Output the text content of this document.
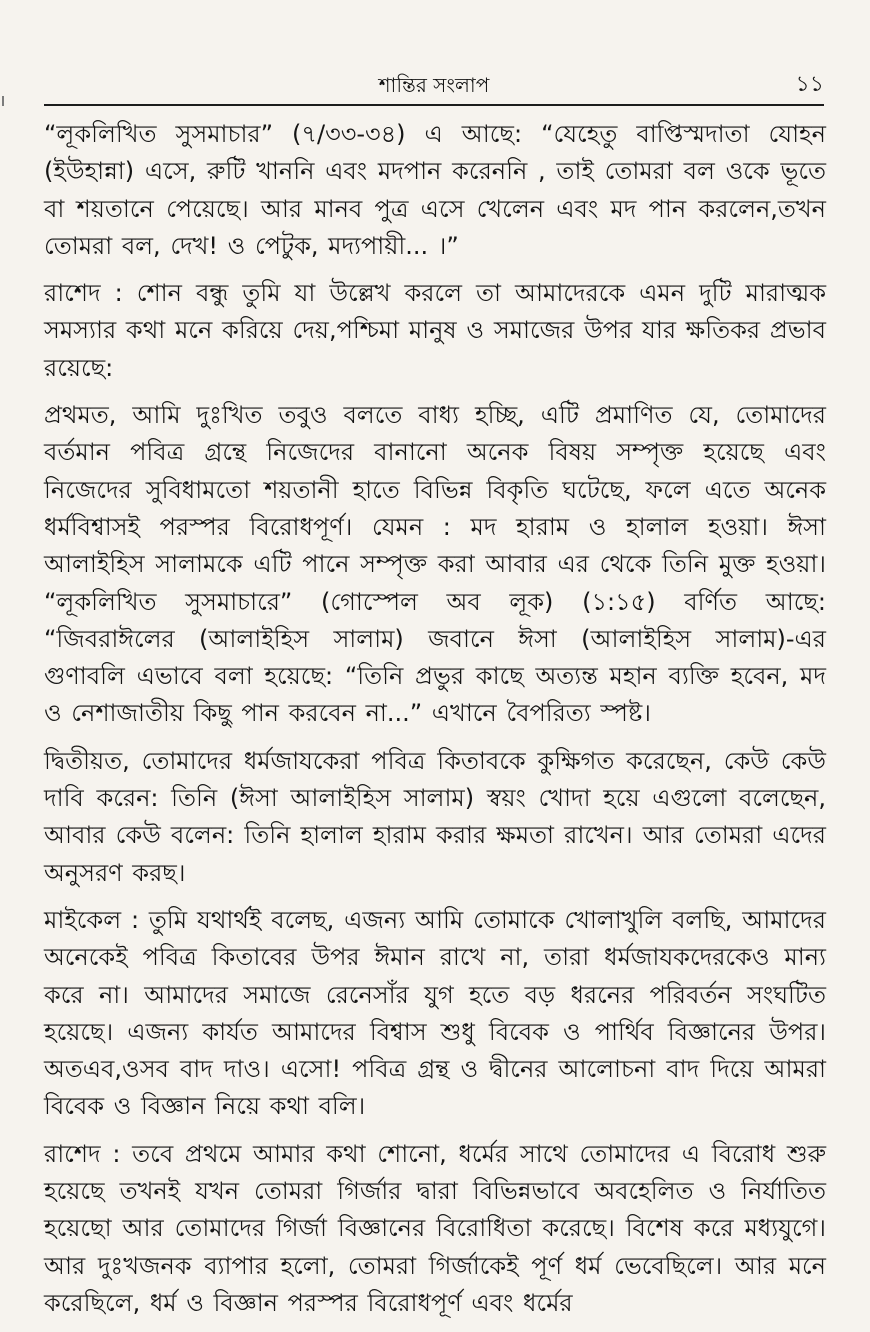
শান্তির সংলাপ	১১

“লূকলিখিত সুসমাচার” (৭/৩৩-৩৪) এ আছে: “যেহেতু বাপ্তিস্মদাতা যোহন (ইউহান্না) এসে, রুটি খাননি এবং মদপান করেননি , তাই তোমরা বল ওকে ভূতে বা শয়তানে পেয়েছে। আর মানব পুত্র এসে খেলেন এবং মদ পান করলেন,তখন তোমরা বল, দেখ! ও পেটুক, মদ্যপায়ী... ।”

রাশেদ : শোন বন্ধু তুমি যা উল্লেখ করলে তা আমাদেরকে এমন দুটি মারাত্মক সমস্যার কথা মনে করিয়ে দেয়,পশ্চিমা মানুষ ও সমাজের উপর যার ক্ষতিকর প্রভাব রয়েছে:

প্রথমত, আমি দুঃখিত তবুও বলতে বাধ্য হচ্ছি, এটি প্রমাণিত যে, তোমাদের বর্তমান পবিত্র গ্রন্থে নিজেদের বানানো অনেক বিষয় সম্পৃক্ত হয়েছে এবং নিজেদের সুবিধামতো শয়তানী হাতে বিভিন্ন বিকৃতি ঘটেছে, ফলে এতে অনেক ধর্মবিশ্বাসই পরস্পর বিরোধপূর্ণ। যেমন : মদ হারাম ও হালাল হওয়া। ঈসা আলাইহিস সালামকে এটি পানে সম্পৃক্ত করা আবার এর থেকে তিনি মুক্ত হওয়া। “লূকলিখিত সুসমাচারে” (গোস্পেল অব লূক) (১:১৫) বর্ণিত আছে: “জিবরাঈলের (আলাইহিস সালাম) জবানে ঈসা (আলাইহিস সালাম)-এর গুণাবলি এভাবে বলা হয়েছে: “তিনি প্রভুর কাছে অত্যন্ত মহান ব্যক্তি হবেন, মদ ও নেশাজাতীয় কিছু পান করবেন না...” এখানে বৈপরিত্য স্পষ্ট।

দ্বিতীয়ত, তোমাদের ধর্মজাযকেরা পবিত্র কিতাবকে কুক্ষিগত করেছেন, কেউ কেউ দাবি করেন: তিনি (ঈসা আলাইহিস সালাম) স্বয়ং খোদা হয়ে এগুলো বলেছেন, আবার কেউ বলেন: তিনি হালাল হারাম করার ক্ষমতা রাখেন। আর তোমরা এদের অনুসরণ করছ।

মাইকেল : তুমি যথার্থই বলেছ, এজন্য আমি তোমাকে খোলাখুলি বলছি, আমাদের অনেকেই পবিত্র কিতাবের উপর ঈমান রাখে না, তারা ধর্মজাযকদেরকেও মান্য করে না। আমাদের সমাজে রেনেসাঁর যুগ হতে বড় ধরনের পরিবর্তন সংঘটিত হয়েছে। এজন্য কার্যত আমাদের বিশ্বাস শুধু বিবেক ও পার্থিব বিজ্ঞানের উপর। অতএব,ওসব বাদ দাও। এসো! পবিত্র গ্রন্থ ও দ্বীনের আলোচনা বাদ দিয়ে আমরা বিবেক ও বিজ্ঞান নিয়ে কথা বলি।

রাশেদ : তবে প্রথমে আমার কথা শোনো, ধর্মের সাথে তোমাদের এ বিরোধ শুরু হয়েছে তখনই যখন তোমরা গির্জার দ্বারা বিভিন্নভাবে অবহেলিত ও নির্যাতিত হয়েছো আর তোমাদের গির্জা বিজ্ঞানের বিরোধিতা করেছে। বিশেষ করে মধ্যযুগে। আর দুঃখজনক ব্যাপার হলো, তোমরা গির্জাকেই পূর্ণ ধর্ম ভেবেছিলে। আর মনে করেছিলে, ধর্ম ও বিজ্ঞান পরস্পর বিরোধপূর্ণ এবং ধর্মের
